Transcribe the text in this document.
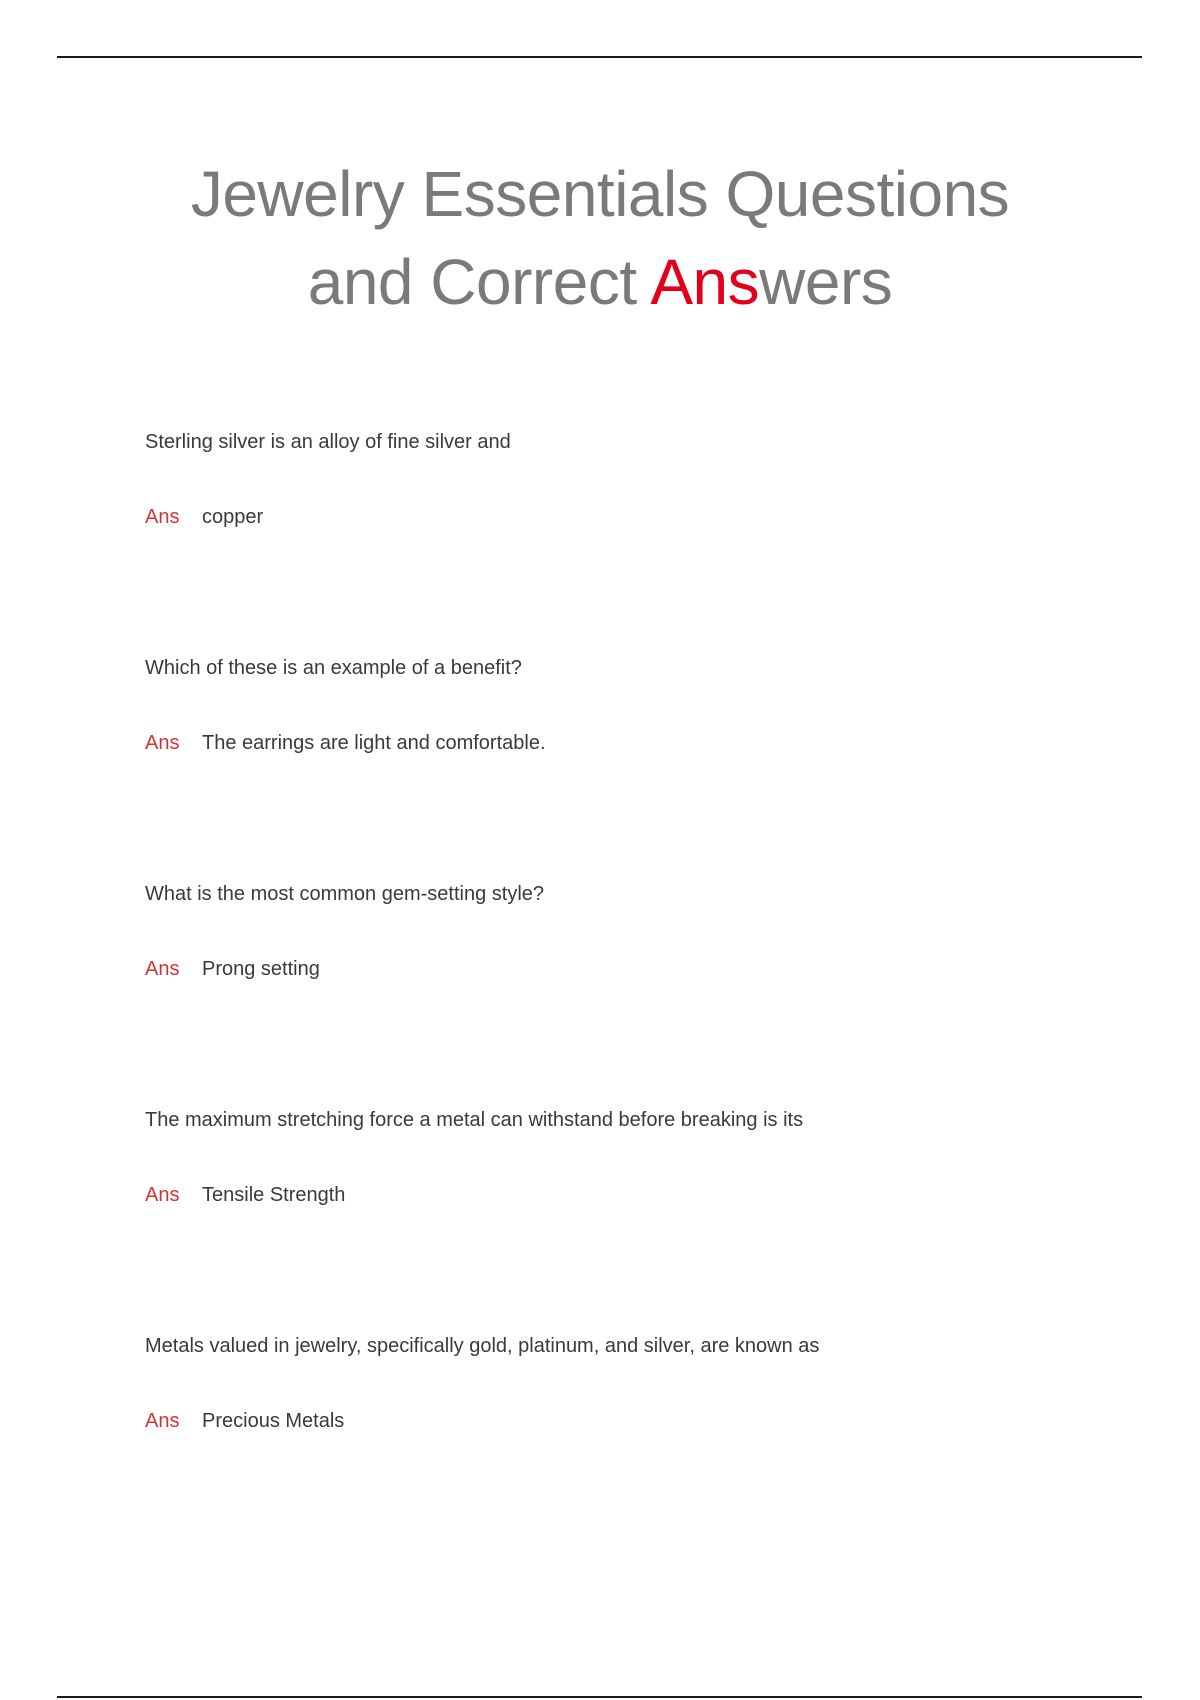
Jewelry Essentials Questions
and Correct Answers
Sterling silver is an alloy of fine silver and
Ans copper
Which of these is an example of a benefit?
Ans The earrings are light and comfortable.
What is the most common gem-setting style?
Ans Prong setting
The maximum stretching force a metal can withstand before breaking is its
Ans Tensile Strength
Metals valued in jewelry, specifically gold, platinum, and silver, are known as
Ans Precious Metals
